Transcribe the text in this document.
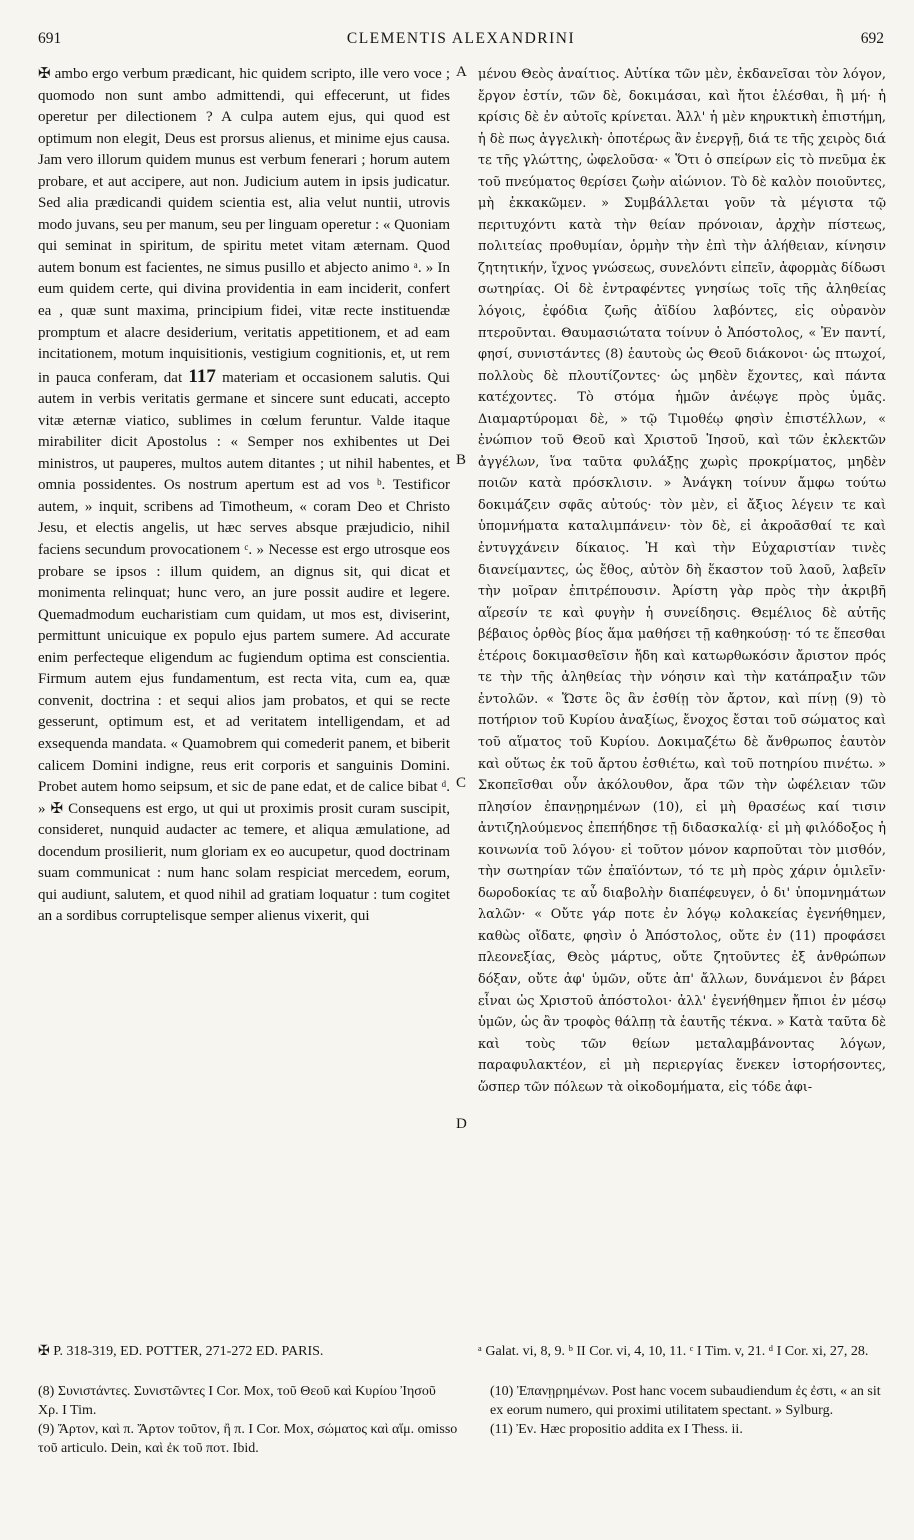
691	CLEMENTIS ALEXANDRINI	692

✠ ambo ergo verbum prædicant, hic quidem scripto, ille vero voce ; quomodo non sunt ambo admittendi, qui effecerunt, ut fides operetur per dilectionem ? A culpa autem ejus, qui quod est optimum non elegit, Deus est prorsus alienus, et minime ejus causa. Jam vero illorum quidem munus est verbum fenerari ; horum autem probare, et aut accipere, aut non. Judicium autem in ipsis judicatur. Sed alia prædicandi quidem scientia est, alia velut nuntii, utrovis modo juvans, seu per manum, seu per linguam operetur : « Quoniam qui seminat in spiritum, de spiritu metet vitam æternam. Quod autem bonum est facientes, ne simus pusillo et abjecto animo ᵃ. » In eum quidem certe, qui divina providentia in eam inciderit, confert ea , quæ sunt maxima, principium fidei, vitæ recte instituendæ promptum et alacre desiderium, veritatis appetitionem, et ad eam incitationem, motum inquisitionis, vestigium cognitionis, et, ut rem in pauca conferam, dat 117 materiam et occasionem salutis. Qui autem in verbis veritatis germane et sincere sunt educati, accepto vitæ æternæ viatico, sublimes in cœlum feruntur. Valde itaque mirabiliter dicit Apostolus : « Semper nos exhibentes ut Dei ministros, ut pauperes, multos autem ditantes ; ut nihil habentes, et omnia possidentes. Os nostrum apertum est ad vos ᵇ. Testificor autem, » inquit, scribens ad Timotheum, « coram Deo et Christo Jesu, et electis angelis, ut hæc serves absque præjudicio, nihil faciens secundum provocationem ᶜ. » Necesse est ergo utrosque eos probare se ipsos : illum quidem, an dignus sit, qui dicat et monimenta relinquat; hunc vero, an jure possit audire et legere. Quemadmodum eucharistiam cum quidam, ut mos est, diviserint, permittunt unicuique ex populo ejus partem sumere. Ad accurate enim perfecteque eligendum ac fugiendum optima est conscientia. Firmum autem ejus fundamentum, est recta vita, cum ea, quæ convenit, doctrina : et sequi alios jam probatos, et qui se recte gesserunt, optimum est, et ad veritatem intelligendam, et ad exsequenda mandata. « Quamobrem qui comederit panem, et biberit calicem Domini indigne, reus erit corporis et sanguinis Domini. Probet autem homo seipsum, et sic de pane edat, et de calice bibat ᵈ. » ✠ Consequens est ergo, ut qui ut proximis prosit curam suscipit, consideret, nunquid audacter ac temere, et aliqua æmulatione, ad docendum prosilierit, num gloriam ex eo aucupetur, quod doctrinam suam communicat : num hanc solam respiciat mercedem, eorum, qui audiunt, salutem, et quod nihil ad gratiam loquatur : tum cogitet an a sordibus corruptelisque semper alienus vixerit, qui

A
B
C
D

μένου Θεὸς ἀναίτιος. Αὐτίκα τῶν μὲν, ἐκδανεῖσαι τὸν λόγον, ἔργον ἐστίν, τῶν δὲ, δοκιμάσαι, καὶ ἤτοι ἑλέσθαι, ἢ μή· ἡ κρίσις δὲ ἐν αὐτοῖς κρίνεται. Ἀλλ' ἡ μὲν κηρυκτικὴ ἐπιστήμη, ἡ δὲ πως ἀγγελικὴ· ὁποτέρως ἂν ἐνεργῇ, διά τε τῆς χειρὸς διά τε τῆς γλώττης, ὠφελοῦσα· « Ὅτι ὁ σπείρων εἰς τὸ πνεῦμα ἐκ τοῦ πνεύματος θερίσει ζωὴν αἰώνιον. Τὸ δὲ καλὸν ποιοῦντες, μὴ ἐκκακῶμεν. » Συμβάλλεται γοῦν τὰ μέγιστα τῷ περιτυχόντι κατὰ τὴν θείαν πρόνοιαν, ἀρχὴν πίστεως, πολιτείας προθυμίαν, ὁρμὴν τὴν ἐπὶ τὴν ἀλήθειαν, κίνησιν ζητητικήν, ἴχνος γνώσεως, συνελόντι εἰπεῖν, ἀφορμὰς δίδωσι σωτηρίας. Οἱ δὲ ἐντραφέντες γνησίως τοῖς τῆς ἀληθείας λόγοις, ἐφόδια ζωῆς ἀϊδίου λαβόντες, εἰς οὐρανὸν πτεροῦνται. Θαυμασιώτατα τοίνυν ὁ Ἀπόστολος, « Ἐν παντί, φησί, συνιστάντες (8) ἑαυτοὺς ὡς Θεοῦ διάκονοι· ὡς πτωχοί, πολλοὺς δὲ πλουτίζοντες· ὡς μηδὲν ἔχοντες, καὶ πάντα κατέχοντες. Τὸ στόμα ἡμῶν ἀνέῳγε πρὸς ὑμᾶς. Διαμαρτύρομαι δὲ, » τῷ Τιμοθέῳ φησὶν ἐπιστέλλων, « ἐνώπιον τοῦ Θεοῦ καὶ Χριστοῦ Ἰησοῦ, καὶ τῶν ἐκλεκτῶν ἀγγέλων, ἵνα ταῦτα φυλάξῃς χωρὶς προκρίματος, μηδὲν ποιῶν κατὰ πρόσκλισιν. » Ἀνάγκη τοίνυν ἄμφω τούτω δοκιμάζειν σφᾶς αὐτούς· τὸν μὲν, εἰ ἄξιος λέγειν τε καὶ ὑπομνήματα καταλιμπάνειν· τὸν δὲ, εἰ ἀκροᾶσθαί τε καὶ ἐντυγχάνειν δίκαιος. Ἠ καὶ τὴν Εὐχαριστίαν τινὲς διανείμαντες, ὡς ἔθος, αὐτὸν δὴ ἕκαστον τοῦ λαοῦ, λαβεῖν τὴν μοῖραν ἐπιτρέπουσιν. Ἀρίστη γὰρ πρὸς τὴν ἀκριβῆ αἵρεσίν τε καὶ φυγὴν ἡ συνείδησις. Θεμέλιος δὲ αὐτῆς βέβαιος ὀρθὸς βίος ἅμα μαθήσει τῇ καθηκούσῃ· τό τε ἕπεσθαι ἑτέροις δοκιμασθεῖσιν ἤδη καὶ κατωρθωκόσιν ἄριστον πρός τε τὴν τῆς ἀληθείας τὴν νόησιν καὶ τὴν κατάπραξιν τῶν ἐντολῶν. « Ὥστε ὃς ἂν ἐσθίῃ τὸν ἄρτον, καὶ πίνῃ (9) τὸ ποτήριον τοῦ Κυρίου ἀναξίως, ἔνοχος ἔσται τοῦ σώματος καὶ τοῦ αἵματος τοῦ Κυρίου. Δοκιμαζέτω δὲ ἄνθρωπος ἑαυτὸν καὶ οὕτως ἐκ τοῦ ἄρτου ἐσθιέτω, καὶ τοῦ ποτηρίου πινέτω. » Σκοπεῖσθαι οὖν ἀκόλουθον, ἄρα τῶν τὴν ὠφέλειαν τῶν πλησίον ἐπανῃρημένων (10), εἰ μὴ θρασέως καί τισιν ἀντιζηλούμενος ἐπεπήδησε τῇ διδασκαλίᾳ· εἰ μὴ φιλόδοξος ἡ κοινωνία τοῦ λόγου· εἰ τοῦτον μόνον καρποῦται τὸν μισθόν, τὴν σωτηρίαν τῶν ἐπαϊόντων, τό τε μὴ πρὸς χάριν ὁμιλεῖν· δωροδοκίας τε αὖ διαβολὴν διαπέφευγεν, ὁ δι' ὑπομνημάτων λαλῶν· « Οὔτε γάρ ποτε ἐν λόγῳ κολακείας ἐγενήθημεν, καθὼς οἴδατε, φησὶν ὁ Ἀπόστολος, οὔτε ἐν (11) προφάσει πλεονεξίας, Θεὸς μάρτυς, οὔτε ζητοῦντες ἐξ ἀνθρώπων δόξαν, οὔτε ἀφ' ὑμῶν, οὔτε ἀπ' ἄλλων, δυνάμενοι ἐν βάρει εἶναι ὡς Χριστοῦ ἀπόστολοι· ἀλλ' ἐγενήθημεν ἤπιοι ἐν μέσῳ ὑμῶν, ὡς ἂν τροφὸς θάλπῃ τὰ ἑαυτῆς τέκνα. » Κατὰ ταῦτα δὲ καὶ τοὺς τῶν θείων μεταλαμβάνοντας λόγων, παραφυλακτέον, εἰ μὴ περιεργίας ἕνεκεν ἱστορήσοντες, ὥσπερ τῶν πόλεων τὰ οἰκοδομήματα, εἰς τόδε ἀφι-

✠ P. 318-319, ED. POTTER, 271-272 ED. PARIS.	ᵃ Galat. vi, 8, 9. ᵇ II Cor. vi, 4, 10, 11. ᶜ I Tim. v, 21. ᵈ I Cor. xi, 27, 28.

(8) Συνιστάντες. Συνιστῶντες I Cor. Mox, τοῦ Θεοῦ καὶ Κυρίου Ἰησοῦ Χρ. I Tim.

(9) Ἄρτον, καὶ π. Ἄρτον τοῦτον, ἢ π. I Cor. Mox, σώματος καὶ αἵμ. omisso τοῦ articulo. Dein, καὶ ἐκ τοῦ ποτ. Ibid.

(10) Ἐπανῃρημένων. Post hanc vocem subaudiendum ἐς ἐστι, « an sit ex eorum numero, qui proximi utilitatem spectant. » Sylburg.

(11) Ἐν. Hæc propositio addita ex I Thess. ii.
